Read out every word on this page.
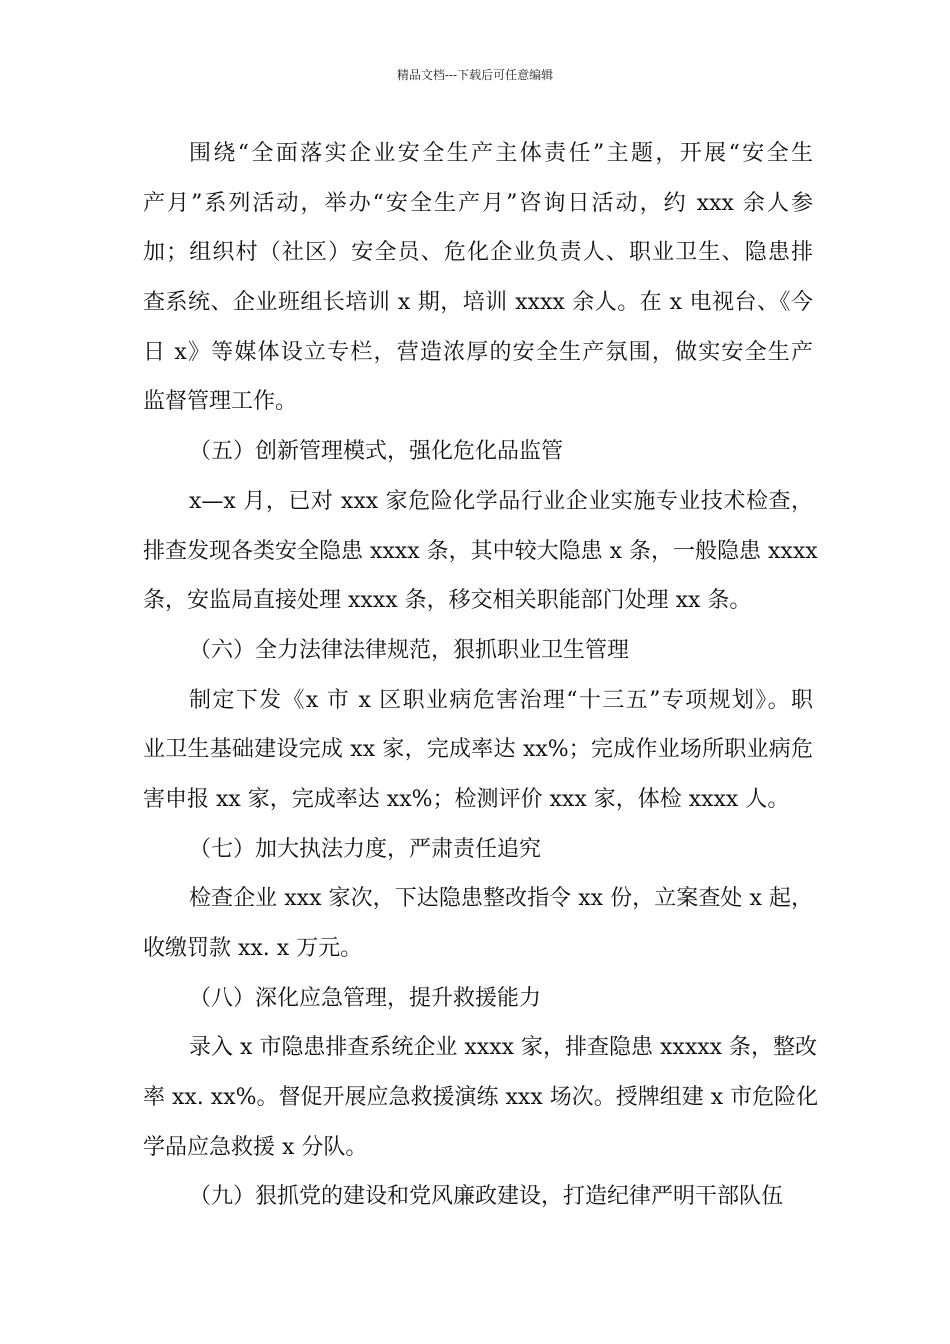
精品文档---下载后可任意编辑
围绕“全面落实企业安全生产主体责任”主题，开展“安全生
产月”系列活动，举办“安全生产月”咨询日活动，约 xxx 余人参
加；组织村（社区）安全员、危化企业负责人、职业卫生、隐患排
查系统、企业班组长培训 x 期，培训 xxxx 余人。在 x 电视台、《今
日 x》等媒体设立专栏，营造浓厚的安全生产氛围，做实安全生产
监督管理工作。
（五）创新管理模式，强化危化品监管
x—x 月，已对 xxx 家危险化学品行业企业实施专业技术检查，
排查发现各类安全隐患 xxxx 条，其中较大隐患 x 条，一般隐患 xxxx
条，安监局直接处理 xxxx 条，移交相关职能部门处理 xx 条。
（六）全力法律法律规范，狠抓职业卫生管理
制定下发《x 市 x 区职业病危害治理“十三五”专项规划》。职
业卫生基础建设完成 xx 家，完成率达 xx%；完成作业场所职业病危
害申报 xx 家，完成率达 xx%；检测评价 xxx 家，体检 xxxx 人。
（七）加大执法力度，严肃责任追究
检查企业 xxx 家次，下达隐患整改指令 xx 份，立案查处 x 起，
收缴罚款 xx. x 万元。
（八）深化应急管理，提升救援能力
录入 x 市隐患排查系统企业 xxxx 家，排查隐患 xxxxx 条，整改
率 xx. xx%。督促开展应急救援演练 xxx 场次。授牌组建 x 市危险化
学品应急救援 x 分队。
（九）狠抓党的建设和党风廉政建设，打造纪律严明干部队伍
